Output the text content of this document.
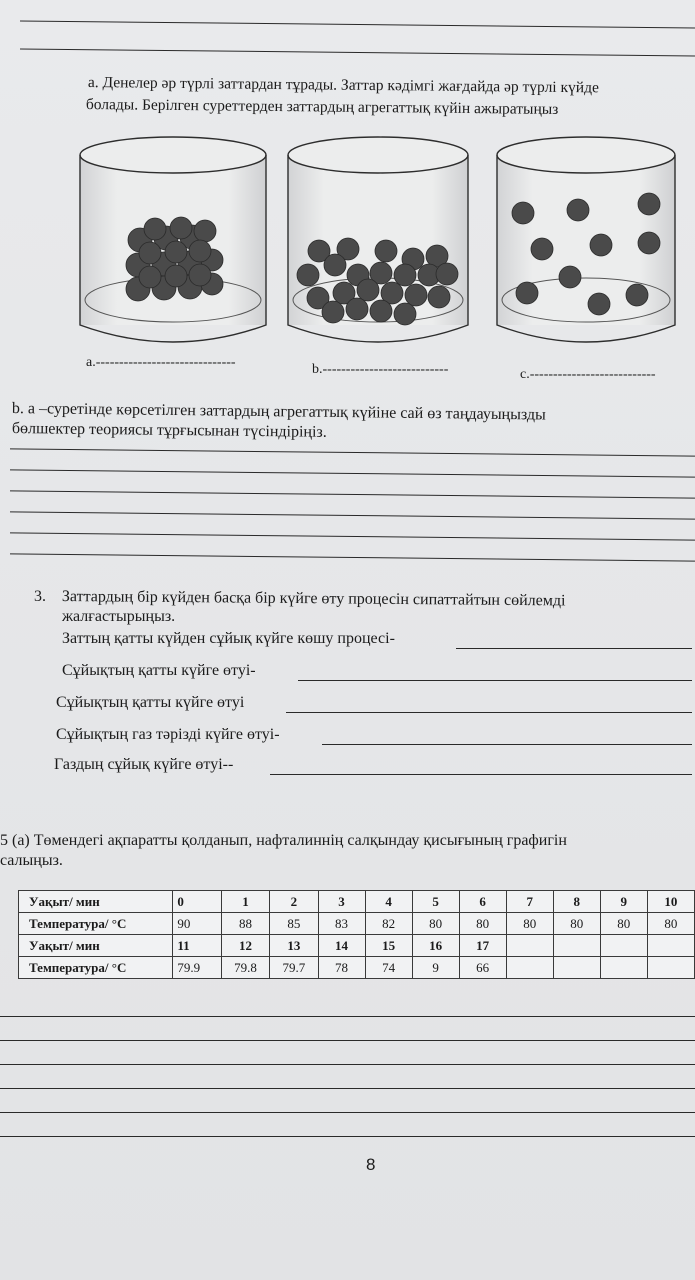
a. Денелер әр түрлі заттардан тұрады. Заттар кәдімгі жағдайда әр түрлі күйде
болады. Берілген суреттерден заттардың агрегаттық күйін ажыратыңыз
a.------------------------------	b.---------------------------	c.---------------------------
b. a –суретінде көрсетілген заттардың агрегаттық күйіне сай өз таңдауыңызды
бөлшектер теориясы тұрғысынан түсіндіріңіз.
3. Заттардың бір күйден басқа бір күйге өту процесін сипаттайтын сөйлемді
жалғастырыңыз.
Заттың қатты күйден сұйық күйге көшу процесі-
Сұйықтың қатты күйге өтуі-
Сұйықтың қатты күйге өтуі
Сұйықтың газ тәрізді күйге өтуі-
Газдың сұйық күйге өтуі--
5 (a) Төмендегі ақпаратты қолданып, нафталиннің салқындау қисығының графигін
салыңыз.
Уақыт/ мин	0	1	2	3	4	5	6	7	8	9	10
Температура/ °C	90	88	85	83	82	80	80	80	80	80	80
Уақыт/ мин	11	12	13	14	15	16	17				
Температура/ °C	79.9	79.8	79.7	78	74	9	66				
8
